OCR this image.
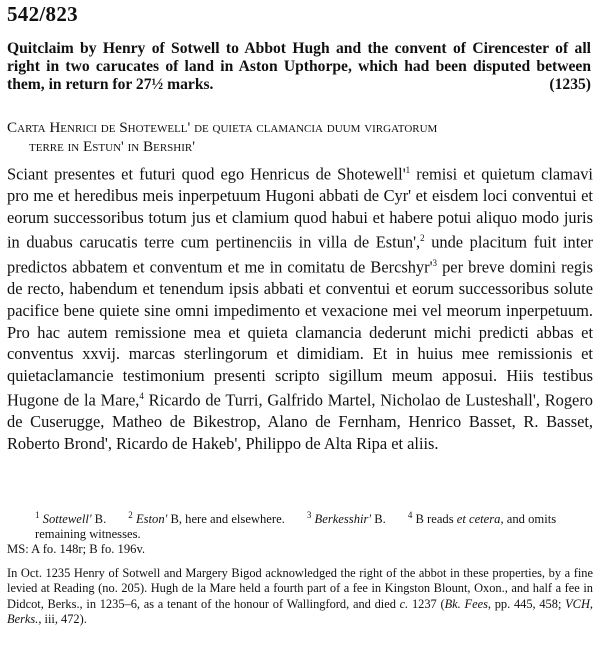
542/823

Quitclaim by Henry of Sotwell to Abbot Hugh and the convent of Cirencester of all right in two carucates of land in Aston Upthorpe, which had been disputed between them, in return for 27½ marks.	(1235)

Carta Henrici de Shotewell' de quieta clamancia duum virgatorum
terre in Estun' in Bershir'

Sciant presentes et futuri quod ego Henricus de $Shotewell'^1$ remisi et quietum clamavi pro me et heredibus meis inperpetuum Hugoni abbati de Cyr' et eisdem loci conventui et eorum successoribus totum jus et clamium quod habui et habere potui aliquo modo juris in duabus carucatis terre cum pertinenciis in villa de Estun',$^2$ unde placitum fuit inter predictos abbatem et conventum et me in comitatu de $Bercshyr'^3$ per breve domini regis de recto, habendum et tenendum ipsis abbati et conventui et eorum successoribus solute pacifice bene quiete sine omni impedimento et vexacione mei vel meorum inperpetuum. Pro hac autem remissione mea et quieta clamancia dederunt michi predicti abbas et conventus xxvij. marcas sterlingorum et dimidiam. Et in huius mee remissionis et quietaclamancie testimonium presenti scripto sigillum meum apposui. Hiis testibus Hugone de la Mare,$^4$ Ricardo de Turri, Galfrido Martel, Nicholao de Lusteshall', Rogero de Cuserugge, Matheo de Bikestrop, Alano de Fernham, Henrico Basset, R. Basset, Roberto Brond', Ricardo de Hakeb', Philippo de Alta Ripa et aliis.

$^1$ Sottewell' B. $^2$ Eston' B, here and elsewhere. $^3$ Berkesshir' B. $^4$ B reads et cetera, and omits remaining witnesses.
MS: A fo. 148r; B fo. 196v.

In Oct. 1235 Henry of Sotwell and Margery Bigod acknowledged the right of the abbot in these properties, by a fine levied at Reading (no. 205). Hugh de la Mare held a fourth part of a fee in Kingston Blount, Oxon., and half a fee in Didcot, Berks., in 1235–6, as a tenant of the honour of Wallingford, and died c. 1237 (Bk. Fees, pp. 445, 458; VCH, Berks., iii, 472).
